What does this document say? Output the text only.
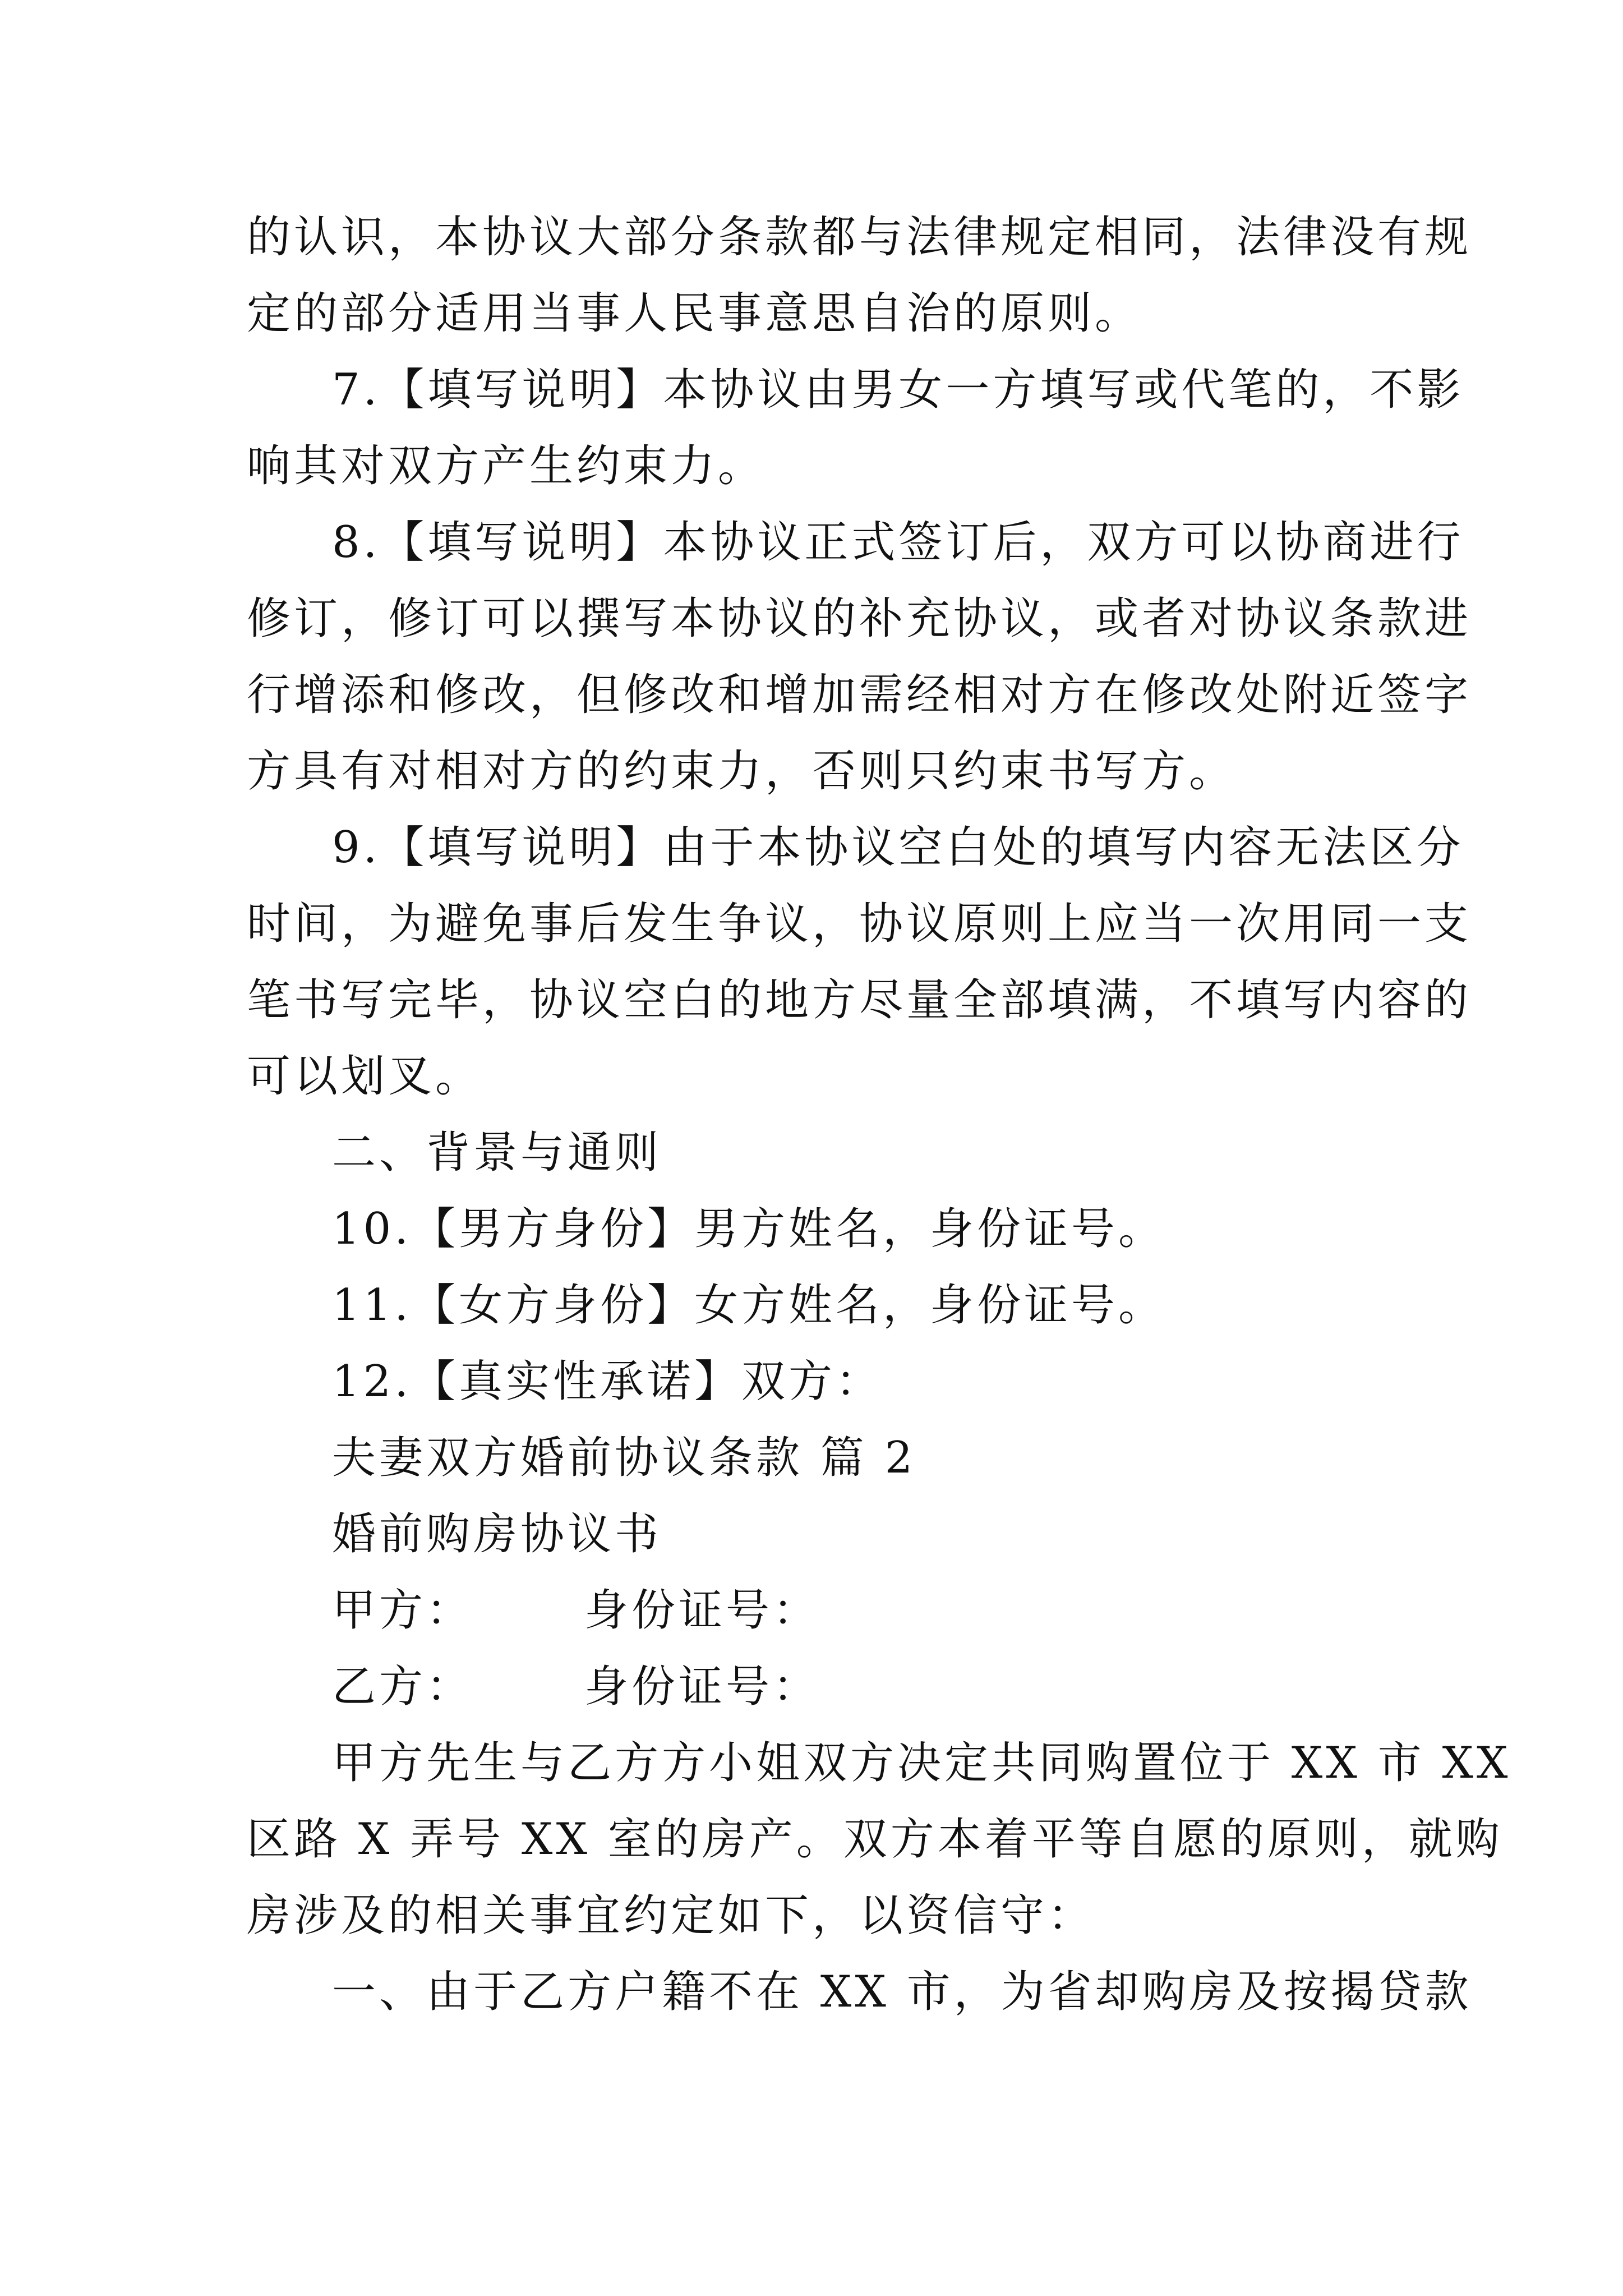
的认识，本协议大部分条款都与法律规定相同，法律没有规
定的部分适用当事人民事意思自治的原则。

7.【填写说明】本协议由男女一方填写或代笔的，不影
响其对双方产生约束力。

8.【填写说明】本协议正式签订后，双方可以协商进行
修订，修订可以撰写本协议的补充协议，或者对协议条款进
行增添和修改，但修改和增加需经相对方在修改处附近签字
方具有对相对方的约束力，否则只约束书写方。

9.【填写说明】由于本协议空白处的填写内容无法区分
时间，为避免事后发生争议，协议原则上应当一次用同一支
笔书写完毕，协议空白的地方尽量全部填满，不填写内容的
可以划叉。

二、背景与通则

10.【男方身份】男方姓名，身份证号。

11.【女方身份】女方姓名，身份证号。

12.【真实性承诺】双方：

夫妻双方婚前协议条款 篇 2

婚前购房协议书

甲方：	身份证号：

乙方：	身份证号：

甲方先生与乙方方小姐双方决定共同购置位于 XX 市 XX
区路 X 弄号 XX 室的房产。双方本着平等自愿的原则，就购
房涉及的相关事宜约定如下，以资信守：

一、由于乙方户籍不在 XX 市，为省却购房及按揭贷款
